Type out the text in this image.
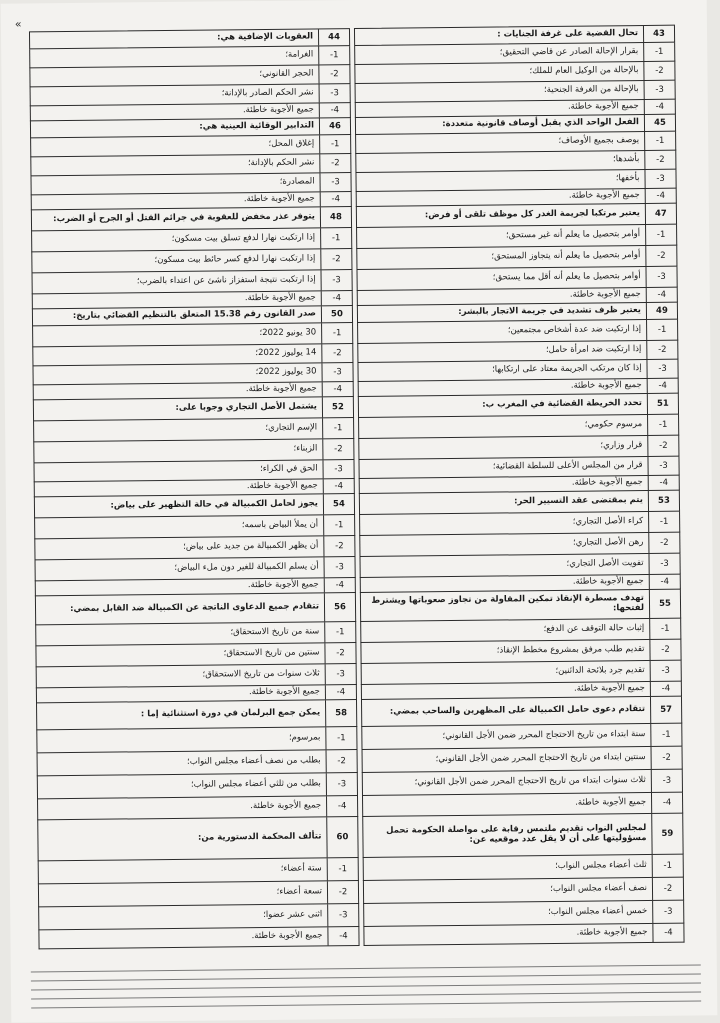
«
43
تحال القضية على غرفة الجنايات :
-1
بقرار الإحالة الصادر عن قاضي التحقيق؛
-2
بالإحالة من الوكيل العام للملك؛
-3
بالإحالة من الغرفة الجنحية؛
-4
جميع الأجوبة خاطئة.
45
الفعل الواحد الذي يقبل أوصاف قانونية متعددة:
-1
يوصف بجميع الأوصاف؛
-2
بأشدها؛
-3
بأخفها؛
-4
جميع الأجوبة خاطئة.
47
يعتبر مرتكبا لجريمة الغدر كل موظف تلقى أو فرض:
-1
أوامر بتحصيل ما يعلم أنه غير مستحق؛
-2
أوامر بتحصيل ما يعلم أنه يتجاوز المستحق؛
-3
أوامر بتحصيل ما يعلم أنه أقل مما يستحق؛
-4
جميع الأجوبة خاطئة.
49
يعتبر ظرف تشديد في جريمة الاتجار بالبشر:
-1
إذا ارتكبت ضد عدة أشخاص مجتمعين؛
-2
إذا ارتكبت ضد امرأة حامل؛
-3
إذا كان مرتكب الجريمة معتاد على ارتكابها؛
-4
جميع الأجوبة خاطئة.
51
تحدد الخريطة القضائية في المغرب ب:
-1
مرسوم حكومي؛
-2
قرار وزاري؛
-3
قرار من المجلس الأعلى للسلطة القضائية؛
-4
جميع الأجوبة خاطئة.
53
يتم بمقتضى عقد التسيير الحر:
-1
كراء الأصل التجاري؛
-2
رهن الأصل التجاري؛
-3
تفويت الأصل التجاري؛
-4
جميع الأجوبة خاطئة.
55
تهدف مسطرة الإنقاذ تمكين المقاولة من تجاوز صعوباتها ويشترط لفتحها:
-1
إثبات حالة التوقف عن الدفع؛
-2
تقديم طلب مرفق بمشروع مخطط الإنقاذ؛
-3
تقديم جرد بلائحة الدائنين؛
-4
جميع الأجوبة خاطئة.
57
تتقادم دعوى حامل الكمبيالة على المظهرين والساحب بمضي:
-1
سنة ابتداء من تاريخ الاحتجاج المحرر ضمن الأجل القانوني؛
-2
سنتين ابتداء من تاريخ الاحتجاج المحرر ضمن الأجل القانوني؛
-3
ثلاث سنوات ابتداء من تاريخ الاحتجاج المحرر ضمن الأجل القانوني؛
-4
جميع الأجوبة خاطئة.
59
لمجلس النواب تقديم ملتمس رقابة على مواصلة الحكومة تحمل مسؤوليتها على أن لا يقل عدد موقعيه عن:
-1
ثلث أعضاء مجلس النواب؛
-2
نصف أعضاء مجلس النواب؛
-3
خمس أعضاء مجلس النواب؛
-4
جميع الأجوبة خاطئة.
44
العقوبات الإضافية هي:
-1
الغرامة؛
-2
الحجر القانوني؛
-3
نشر الحكم الصادر بالإدانة؛
-4
جميع الأجوبة خاطئة.
46
التدابير الوقائية العينية هي:
-1
إغلاق المحل؛
-2
نشر الحكم بالإدانة؛
-3
المصادرة؛
-4
جميع الأجوبة خاطئة.
48
يتوفر عذر مخفض للعقوبة في جرائم القتل أو الجرح أو الضرب:
-1
إذا ارتكبت نهارا لدفع تسلق بيت مسكون؛
-2
إذا ارتكبت نهارا لدفع كسر حائط بيت مسكون؛
-3
إذا ارتكبت نتيجة استفزاز ناشئ عن اعتداء بالضرب؛
-4
جميع الأجوبة خاطئة.
50
صدر القانون رقم 15.38 المتعلق بالتنظيم القضائي بتاريخ:
-1
30 يونيو 2022؛
-2
14 يوليوز 2022؛
-3
30 يوليوز 2022؛
-4
جميع الأجوبة خاطئة.
52
يشتمل الأصل التجاري وجوبا على:
-1
الإسم التجاري؛
-2
الزبناء؛
-3
الحق في الكراء؛
-4
جميع الأجوبة خاطئة.
54
يجوز لحامل الكمبيالة في حالة التظهير على بياض:
-1
أن يملأ البياض باسمه؛
-2
أن يظهر الكمبيالة من جديد على بياض؛
-3
أن يسلم الكمبيالة للغير دون ملء البياض؛
-4
جميع الأجوبة خاطئة.
56
تتقادم جميع الدعاوى الناتجة عن الكمبيالة ضد القابل بمضي:
-1
سنة من تاريخ الاستحقاق؛
-2
سنتين من تاريخ الاستحقاق؛
-3
ثلاث سنوات من تاريخ الاستحقاق؛
-4
جميع الأجوبة خاطئة.
58
يمكن جمع البرلمان في دورة استثنائية إما :
-1
بمرسوم؛
-2
بطلب من نصف أعضاء مجلس النواب؛
-3
بطلب من ثلثي أعضاء مجلس النواب؛
-4
جميع الأجوبة خاطئة.
60
تتألف المحكمة الدستورية من:
-1
ستة أعضاء؛
-2
تسعة أعضاء؛
-3
اثنى عشر عضوا؛
-4
جميع الأجوبة خاطئة.
